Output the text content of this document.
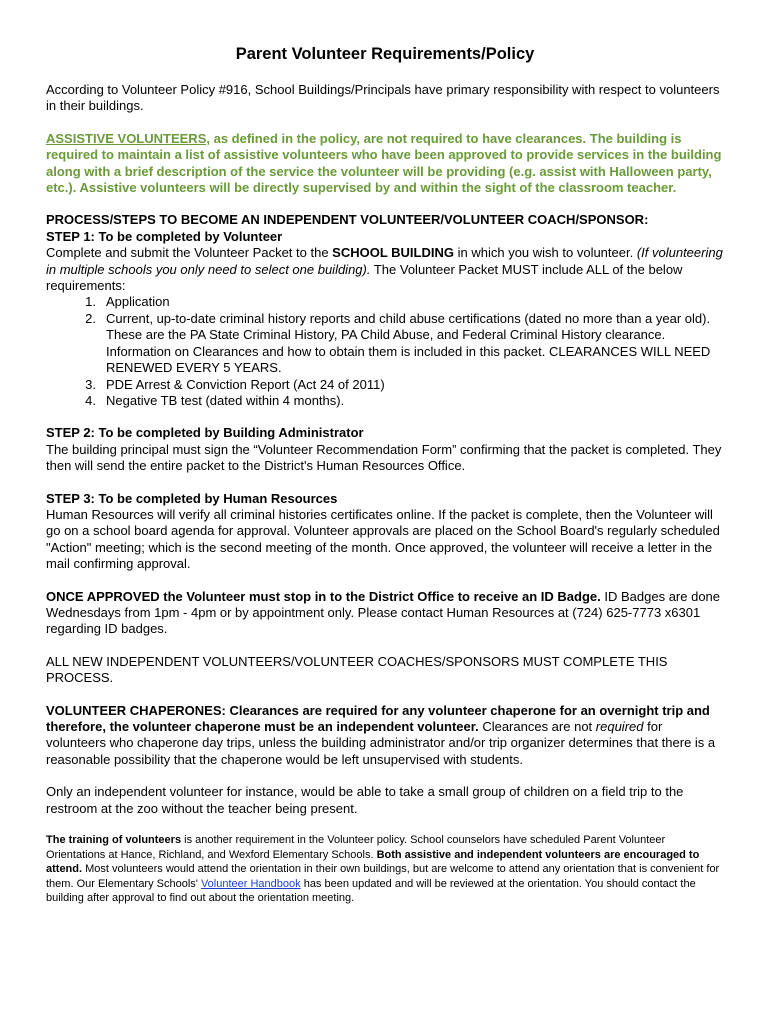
Parent Volunteer Requirements/Policy

According to Volunteer Policy #916, School Buildings/Principals have primary responsibility with respect to volunteers in their buildings.

ASSISTIVE VOLUNTEERS, as defined in the policy, are not required to have clearances. The building is required to maintain a list of assistive volunteers who have been approved to provide services in the building along with a brief description of the service the volunteer will be providing (e.g. assist with Halloween party, etc.). Assistive volunteers will be directly supervised by and within the sight of the classroom teacher.

PROCESS/STEPS TO BECOME AN INDEPENDENT VOLUNTEER/VOLUNTEER COACH/SPONSOR:

STEP 1: To be completed by Volunteer

Complete and submit the Volunteer Packet to the SCHOOL BUILDING in which you wish to volunteer. (If volunteering in multiple schools you only need to select one building). The Volunteer Packet MUST include ALL of the below requirements:

1. Application
2. Current, up-to-date criminal history reports and child abuse certifications (dated no more than a year old). These are the PA State Criminal History, PA Child Abuse, and Federal Criminal History clearance. Information on Clearances and how to obtain them is included in this packet. CLEARANCES WILL NEED RENEWED EVERY 5 YEARS.
3. PDE Arrest & Conviction Report (Act 24 of 2011)
4. Negative TB test (dated within 4 months).

STEP 2: To be completed by Building Administrator

The building principal must sign the “Volunteer Recommendation Form” confirming that the packet is completed. They then will send the entire packet to the District's Human Resources Office.

STEP 3: To be completed by Human Resources

Human Resources will verify all criminal histories certificates online. If the packet is complete, then the Volunteer will go on a school board agenda for approval. Volunteer approvals are placed on the School Board's regularly scheduled "Action" meeting; which is the second meeting of the month. Once approved, the volunteer will receive a letter in the mail confirming approval.

ONCE APPROVED the Volunteer must stop in to the District Office to receive an ID Badge. ID Badges are done Wednesdays from 1pm - 4pm or by appointment only. Please contact Human Resources at (724) 625-7773 x6301 regarding ID badges.

ALL NEW INDEPENDENT VOLUNTEERS/VOLUNTEER COACHES/SPONSORS MUST COMPLETE THIS PROCESS.

VOLUNTEER CHAPERONES: Clearances are required for any volunteer chaperone for an overnight trip and therefore, the volunteer chaperone must be an independent volunteer. Clearances are not required for volunteers who chaperone day trips, unless the building administrator and/or trip organizer determines that there is a reasonable possibility that the chaperone would be left unsupervised with students.

Only an independent volunteer for instance, would be able to take a small group of children on a field trip to the restroom at the zoo without the teacher being present.

The training of volunteers is another requirement in the Volunteer policy. School counselors have scheduled Parent Volunteer Orientations at Hance, Richland, and Wexford Elementary Schools. Both assistive and independent volunteers are encouraged to attend. Most volunteers would attend the orientation in their own buildings, but are welcome to attend any orientation that is convenient for them. Our Elementary Schools' Volunteer Handbook has been updated and will be reviewed at the orientation. You should contact the building after approval to find out about the orientation meeting.
